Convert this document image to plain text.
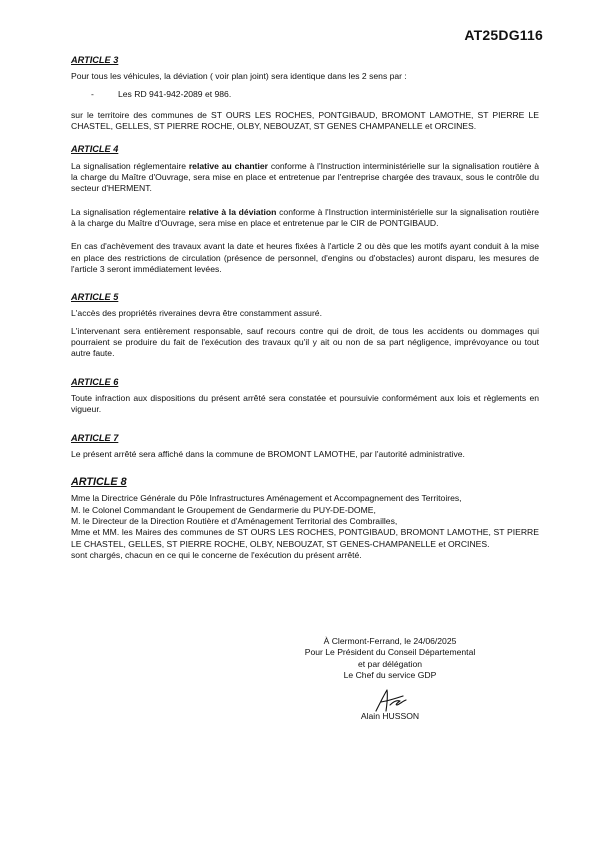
AT25DG116
ARTICLE 3

Pour tous les véhicules, la déviation ( voir plan joint) sera identique dans les 2 sens par :

-	Les RD 941-942-2089 et 986.

sur le territoire des communes de ST OURS LES ROCHES, PONTGIBAUD, BROMONT LAMOTHE, ST PIERRE LE CHASTEL, GELLES, ST PIERRE ROCHE, OLBY, NEBOUZAT, ST GENES CHAMPANELLE et ORCINES.

ARTICLE 4

La signalisation réglementaire relative au chantier conforme à l'Instruction interministérielle sur la signalisation routière à la charge du Maître d'Ouvrage, sera mise en place et entretenue par l'entreprise chargée des travaux, sous le contrôle du secteur d'HERMENT.

La signalisation réglementaire relative à la déviation conforme à l'Instruction interministérielle sur la signalisation routière à la charge du Maître d'Ouvrage, sera mise en place et entretenue par le CIR de PONTGIBAUD.

En cas d'achèvement des travaux avant la date et heures fixées à l'article 2 ou dès que les motifs ayant conduit à la mise en place des restrictions de circulation (présence de personnel, d'engins ou d'obstacles) auront disparu, les mesures de l'article 3 seront immédiatement levées.

ARTICLE 5

L'accès des propriétés riveraines devra être constamment assuré.

L'intervenant sera entièrement responsable, sauf recours contre qui de droit, de tous les accidents ou dommages qui pourraient se produire du fait de l'exécution des travaux qu'il y ait ou non de sa part négligence, imprévoyance ou tout autre faute.

ARTICLE 6

Toute infraction aux dispositions du présent arrêté sera constatée et poursuivie conformément aux lois et règlements en vigueur.

ARTICLE 7

Le présent arrêté sera affiché dans la commune de BROMONT LAMOTHE, par l'autorité administrative.

ARTICLE 8
Mme la Directrice Générale du Pôle Infrastructures Aménagement et Accompagnement des Territoires,
M. le Colonel Commandant le Groupement de Gendarmerie du PUY-DE-DOME,
M. le Directeur de la Direction Routière et d'Aménagement Territorial des Combrailles,
Mme et MM. les Maires des communes de ST OURS LES ROCHES, PONTGIBAUD, BROMONT LAMOTHE, ST PIERRE LE CHASTEL, GELLES, ST PIERRE ROCHE, OLBY, NEBOUZAT, ST GENES-CHAMPANELLE et ORCINES.
sont chargés, chacun en ce qui le concerne de l'exécution du présent arrêté.
À Clermont-Ferrand, le 24/06/2025
Pour Le Président du Conseil Départemental
et par délégation
Le Chef du service GDP
Alain HUSSON
